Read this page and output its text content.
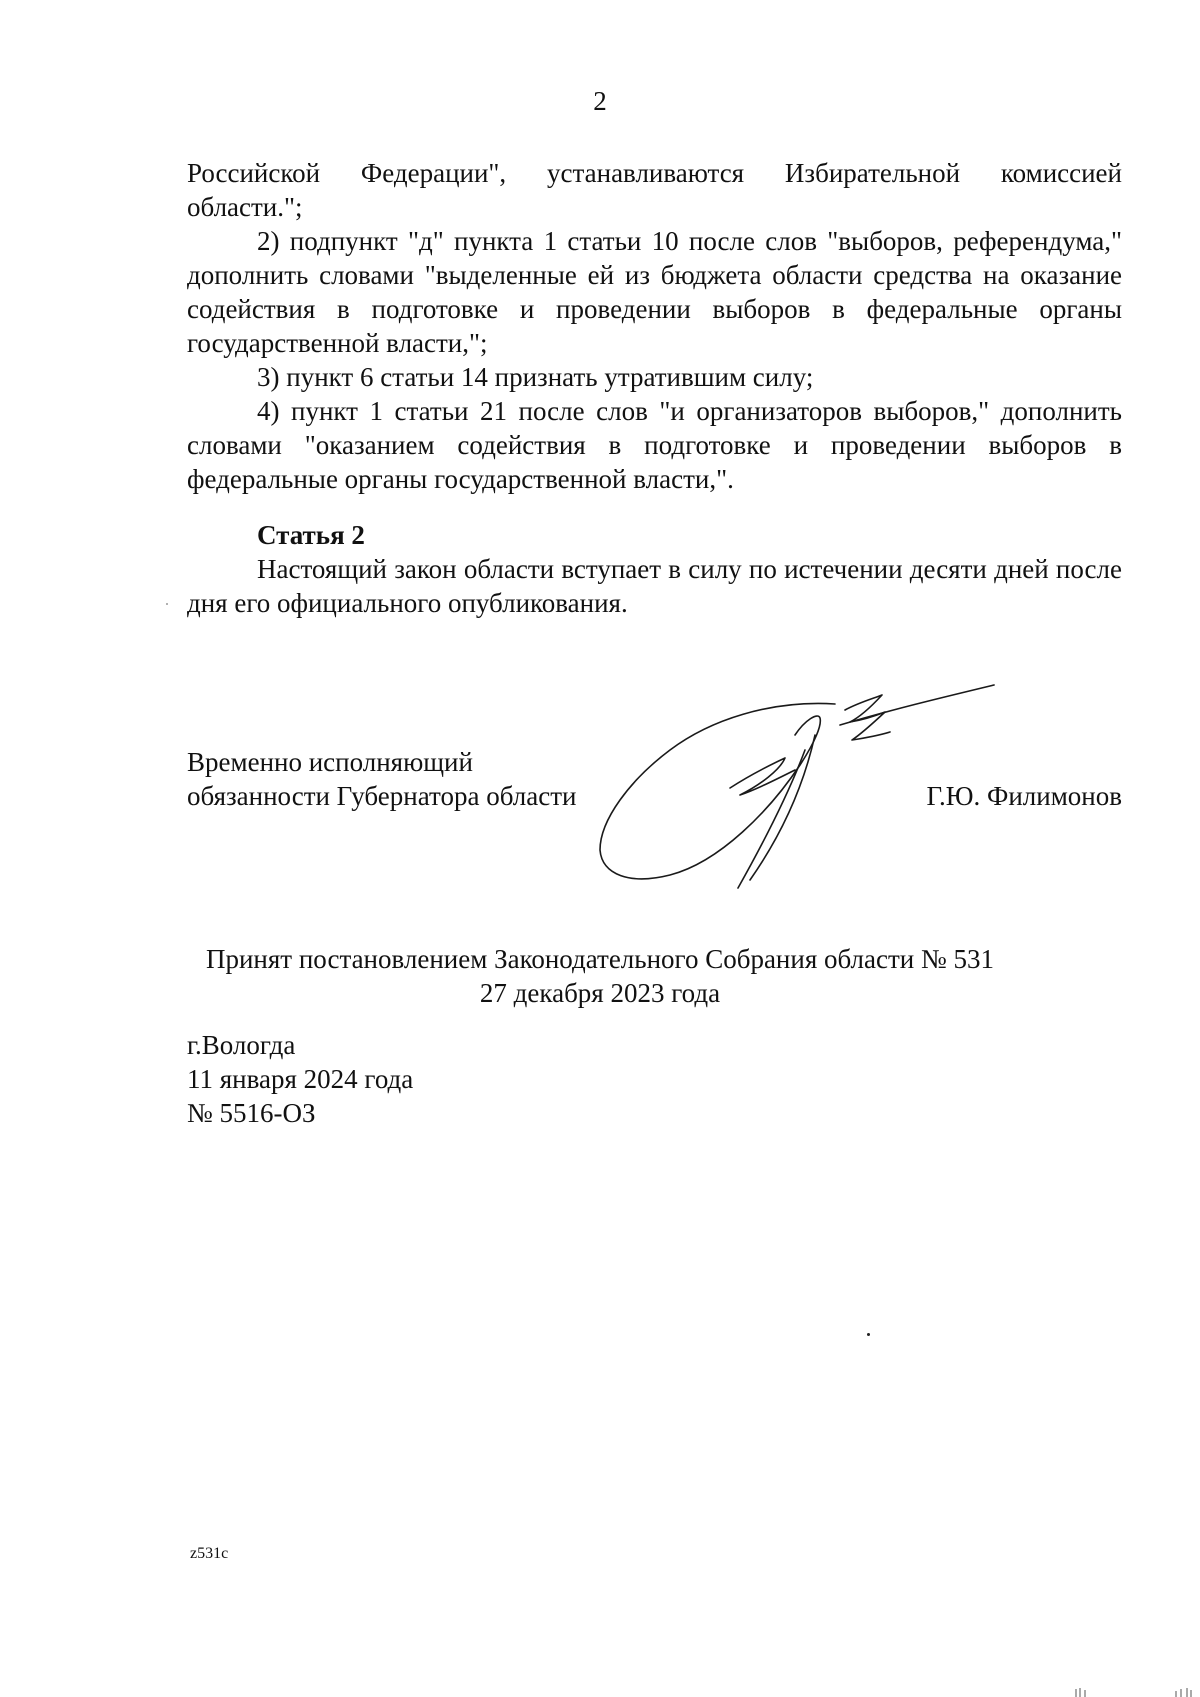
2

Российской Федерации", устанавливаются Избирательной комиссией

области.";

2) подпункт "д" пункта 1 статьи 10 после слов "выборов, референдума," дополнить словами "выделенные ей из бюджета области средства на оказание содействия в подготовке и проведении выборов в федеральные органы государственной власти,";

3) пункт 6 статьи 14 признать утратившим силу;

4) пункт 1 статьи 21 после слов "и организаторов выборов," дополнить словами "оказанием содействия в подготовке и проведении выборов в федеральные органы государственной власти,".

Статья 2

Настоящий закон области вступает в силу по истечении десяти дней после дня его официального опубликования.

Временно исполняющий
обязанности Губернатора области	Г.Ю. Филимонов
Принят постановлением Законодательного Собрания области № 531
27 декабря 2023 года
г.Вологда
11 января 2024 года
№ 5516-ОЗ
z531c
